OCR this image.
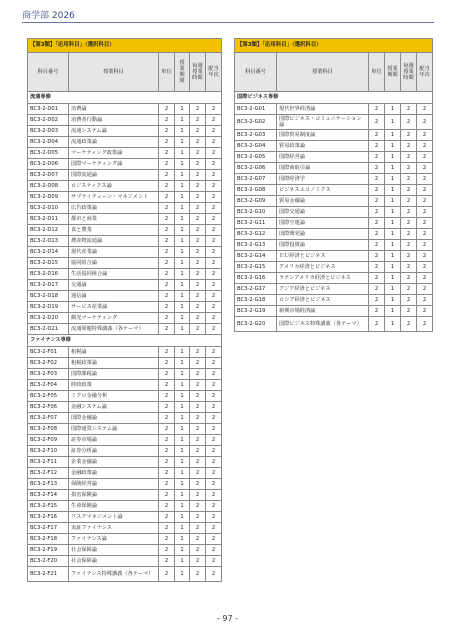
商学部 2026
【第3類】「応用科目」（選択科目）					
科目番号	授業科目	単位	授業期間	毎週授業時間	配当年次
流通専修					
BC3-2-D01	消費論	2	1	2	2
BC3-2-D02	消費者行動論	2	1	2	2
BC3-2-D03	流通システム論	2	1	2	2
BC3-2-D04	流通政策論	2	1	2	2
BC3-2-D05	マーケティング政策論	2	1	2	2
BC3-2-D06	国際マーケティング論	2	1	2	2
BC3-2-D07	国際流通論	2	1	2	2
BC3-2-D08	ロジスティクス論	2	1	2	2
BC3-2-D09	サプライチェーン・マネジメント	2	1	2	2
BC3-2-D10	広告政策論	2	1	2	2
BC3-2-D11	都市と商業	2	1	2	2
BC3-2-D12	食と農業	2	1	2	2
BC3-2-D13	農産物流通論	2	1	2	2
BC3-2-D14	現代産業論	2	1	2	2
BC3-2-D15	協同組合論	2	1	2	2
BC3-2-D16	生活協同組合論	2	1	2	2
BC3-2-D17	交通論	2	1	2	2
BC3-2-D18	通信論	2	1	2	2
BC3-2-D19	サービス産業論	2	1	2	2
BC3-2-D20	観光マーケティング	2	1	2	2
BC3-2-D21	流通問題特殊講義（各テーマ）	2	1	2	2
ファイナンス専修					
BC3-2-F01	租税論	2	1	2	2
BC3-2-F02	租税政策論	2	1	2	2
BC3-2-F03	国際課税論	2	1	2	2
BC3-2-F04	財政政策	2	1	2	2
BC3-2-F05	ミクロ金融分析	2	1	2	2
BC3-2-F06	金融システム論	2	1	2	2
BC3-2-F07	国際金融論	2	1	2	2
BC3-2-F08	国際通貨システム論	2	1	2	2
BC3-2-F09	証券市場論	2	1	2	2
BC3-2-F10	証券分析論	2	1	2	2
BC3-2-F11	企業金融論	2	1	2	2
BC3-2-F12	金融政策論	2	1	2	2
BC3-2-F13	保険経営論	2	1	2	2
BC3-2-F14	損害保険論	2	1	2	2
BC3-2-F15	生命保険論	2	1	2	2
BC3-2-F16	リスクマネジメント論	2	1	2	2
BC3-2-F17	実証ファイナンス	2	1	2	2
BC3-2-F18	ファイナンス論	2	1	2	2
BC3-2-F19	社会保障論	2	1	2	2
BC3-2-F20	社会保障論	2	1	2	2
BC3-2-F21	ファイナンス特殊講義（各テーマ）	2	1	2	2
【第3類】「応用科目」（選択科目）					
科目番号	授業科目	単位	授業期間	毎週授業時間	配当年次
国際ビジネス専修					
BC3-2-G01	現代世界経済論	2	1	2	2
BC3-2-G02	国際ビジネス・コミュニケーション論	2	1	2	2
BC3-2-G03	国際貿易制度論	2	1	2	2
BC3-2-G04	貿易政策論	2	1	2	2
BC3-2-G05	国際経営論	2	1	2	2
BC3-2-G06	国際商取引論	2	1	2	2
BC3-2-G07	国際経済学	2	1	2	2
BC3-2-G08	ビジネスエコノミクス	2	1	2	2
BC3-2-G09	貿易金融論	2	1	2	2
BC3-2-G10	国際交通論	2	1	2	2
BC3-2-G11	国際空運論	2	1	2	2
BC3-2-G12	国際開発論	2	1	2	2
BC3-2-G13	国際投資論	2	1	2	2
BC3-2-G14	ＥＵ経済とビジネス	2	1	2	2
BC3-2-G15	アメリカ経済とビジネス	2	1	2	2
BC3-2-G16	ラテンアメリカ経済とビジネス	2	1	2	2
BC3-2-G17	アジア経済とビジネス	2	1	2	2
BC3-2-G18	ロシア経済とビジネス	2	1	2	2
BC3-2-G19	新興市場経済論	2	1	2	2
BC3-2-G20	国際ビジネス特殊講義（各テーマ）	2	1	2	2
- 97 -
